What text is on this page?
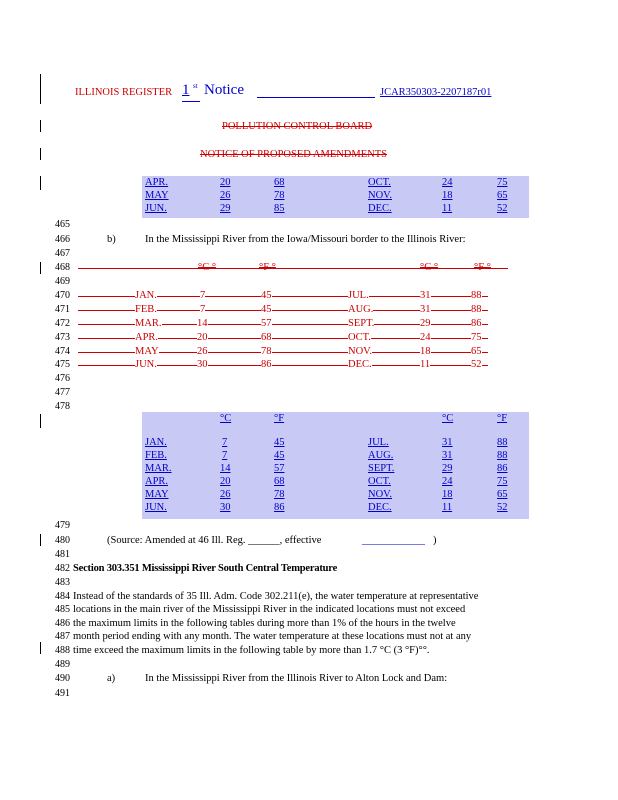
ILLINOIS REGISTER 1 st Notice	JCAR350303-2207187r01
POLLUTION CONTROL BOARD
NOTICE OF PROPOSED AMENDMENTS
APR.	20	68	OCT.	24	75
MAY	26	78	NOV.	18	65
JUN.	29	85	DEC.	11	52
465
466
467
468
469
470
471
472
473
474
475
476
477
478
479
480
481
482
483
484
485
486
487
488
489
490
491
b)	In the Mississippi River from the Iowa/Missouri border to the Illinois River:
°C °	°F °	°C °	°F °
JAN.	7	45	JUL.	31	88
FEB.	7	45	AUG.	31	88
MAR.	14	57	SEPT.	29	86
APR.	20	68	OCT.	24	75
MAY	26	78	NOV.	18	65
JUN.	30	86	DEC.	11	52
°C	°F	°C	°F
JAN.	7	45	JUL.	31	88
FEB.	7	45	AUG.	31	88
MAR.	14	57	SEPT.	29	86
APR.	20	68	OCT.	24	75
MAY	26	78	NOV.	18	65
JUN.	30	86	DEC.	11	52
(Source: Amended at 46 Ill. Reg. ______, effective	____________ )
Section 303.351 Mississippi River South Central Temperature
Instead of the standards of 35 Ill. Adm. Code 302.211(e), the water temperature at representative
locations in the main river of the Mississippi River in the indicated locations must not exceed
the maximum limits in the following tables during more than 1% of the hours in the twelve
month period ending with any month. The water temperature at these locations must not at any
time exceed the maximum limits in the following table by more than 1.7 °C (3 °F)°°.
a)	In the Mississippi River from the Illinois River to Alton Lock and Dam:
